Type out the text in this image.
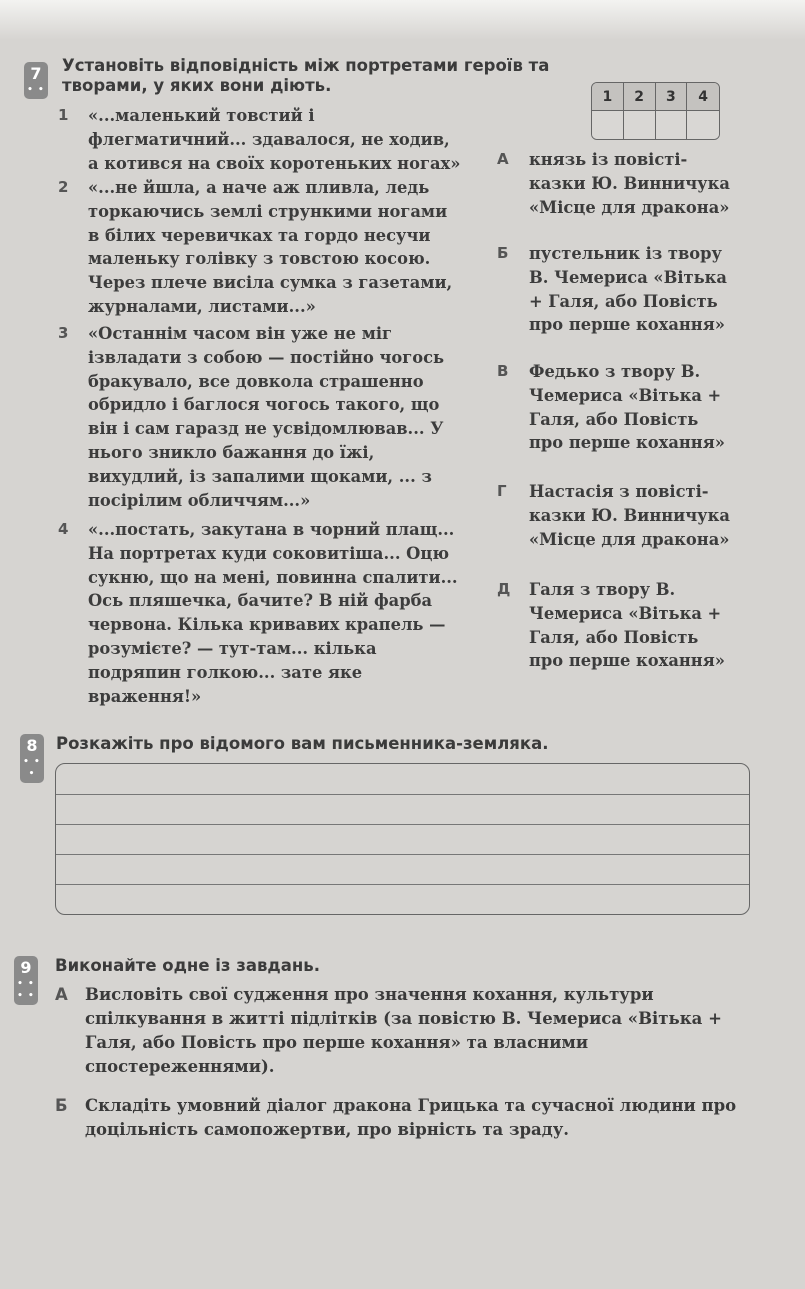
7
• •
Установіть відповідність між портретами героїв та творами, у яких вони діють.
1	2	3	4
1 «...маленький товстий і флегматичний... здавалося, не ходив, а котився на своїх коротеньких ногах»
2 «...не йшла, а наче аж пливла, ледь торкаючись землі стрункими ногами в білих черевичках та гордо несучи маленьку голівку з товстою косою. Через плече висіла сумка з газетами, журналами, листами...»
3 «Останнім часом він уже не міг ізвладати з собою — постійно чогось бракувало, все довкола страшенно обридло і баглося чогось такого, що він і сам гаразд не усвідомлював... У нього зникло бажання до їжі, вихудлий, із запалими щоками, ... з посірілим обличчям...»
4 «...постать, закутана в чорний плащ... На портретах куди соковитіша... Оцю сукню, що на мені, повинна спалити... Ось пляшечка, бачите? В ній фарба червона. Кілька кривавих крапель — розумієте? — тут-там... кілька подряпин голкою... зате яке враження!»
А князь із повісті-казки Ю. Винничука «Місце для дракона»
Б пустельник із твору В. Чемериса «Вітька + Галя, або Повість про перше кохання»
В Федько з твору В. Чемериса «Вітька + Галя, або Повість про перше кохання»
Г Настасія з повісті-казки Ю. Винничука «Місце для дракона»
Д Галя з твору В. Чемериса «Вітька + Галя, або Повість про перше кохання»
8
• • •
Розкажіть про відомого вам письменника-земляка.
9
• • • •
Виконайте одне із завдань.
А Висловіть свої судження про значення кохання, культури спілкування в житті підлітків (за повістю В. Чемериса «Вітька + Галя, або Повість про перше кохання» та власними спостереженнями).
Б Складіть умовний діалог дракона Грицька та сучасної людини про доцільність самопожертви, про вірність та зраду.
